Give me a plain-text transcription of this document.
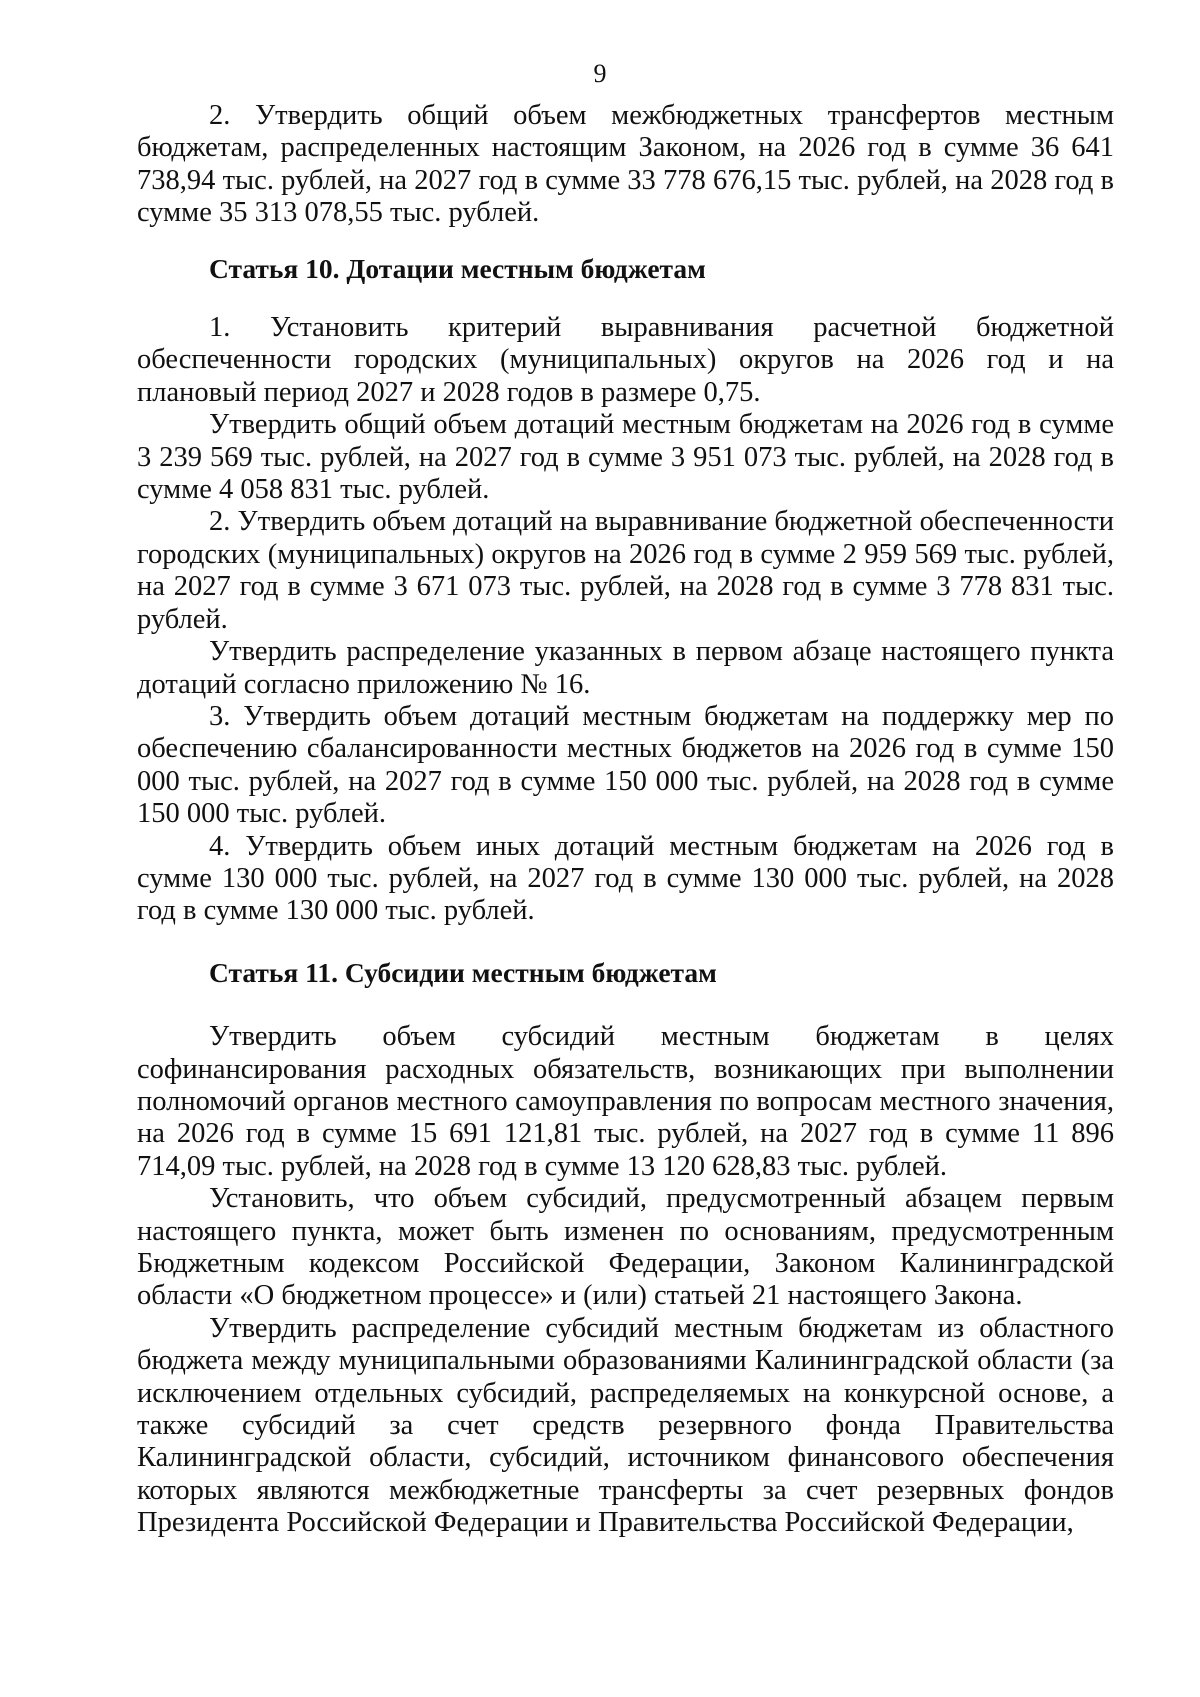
9

2. Утвердить общий объем межбюджетных трансфертов местным бюджетам, распределенных настоящим Законом, на 2026 год в сумме 36 641 738,94 тыс. рублей, на 2027 год в сумме 33 778 676,15 тыс. рублей, на 2028 год в сумме 35 313 078,55 тыс. рублей.

Статья 10. Дотации местным бюджетам

1. Установить критерий выравнивания расчетной бюджетной обеспеченности городских (муниципальных) округов на 2026 год и на плановый период 2027 и 2028 годов в размере 0,75.

Утвердить общий объем дотаций местным бюджетам на 2026 год в сумме 3 239 569 тыс. рублей, на 2027 год в сумме 3 951 073 тыс. рублей, на 2028 год в сумме 4 058 831 тыс. рублей.

2. Утвердить объем дотаций на выравнивание бюджетной обеспеченности городских (муниципальных) округов на 2026 год в сумме 2 959 569 тыс. рублей, на 2027 год в сумме 3 671 073 тыс. рублей, на 2028 год в сумме 3 778 831 тыс. рублей.

Утвердить распределение указанных в первом абзаце настоящего пункта дотаций согласно приложению № 16.

3. Утвердить объем дотаций местным бюджетам на поддержку мер по обеспечению сбалансированности местных бюджетов на 2026 год в сумме 150 000 тыс. рублей, на 2027 год в сумме 150 000 тыс. рублей, на 2028 год в сумме 150 000 тыс. рублей.

4. Утвердить объем иных дотаций местным бюджетам на 2026 год в сумме 130 000 тыс. рублей, на 2027 год в сумме 130 000 тыс. рублей, на 2028 год в сумме 130 000 тыс. рублей.

Статья 11. Субсидии местным бюджетам

Утвердить объем субсидий местным бюджетам в целях софинансирования расходных обязательств, возникающих при выполнении полномочий органов местного самоуправления по вопросам местного значения, на 2026 год в сумме 15 691 121,81 тыс. рублей, на 2027 год в сумме 11 896 714,09 тыс. рублей, на 2028 год в сумме 13 120 628,83 тыс. рублей.

Установить, что объем субсидий, предусмотренный абзацем первым настоящего пункта, может быть изменен по основаниям, предусмотренным Бюджетным кодексом Российской Федерации, Законом Калининградской области «О бюджетном процессе» и (или) статьей 21 настоящего Закона.

Утвердить распределение субсидий местным бюджетам из областного бюджета между муниципальными образованиями Калининградской области (за исключением отдельных субсидий, распределяемых на конкурсной основе, а также субсидий за счет средств резервного фонда Правительства Калининградской области, субсидий, источником финансового обеспечения которых являются межбюджетные трансферты за счет резервных фондов Президента Российской Федерации и Правительства Российской Федерации,
